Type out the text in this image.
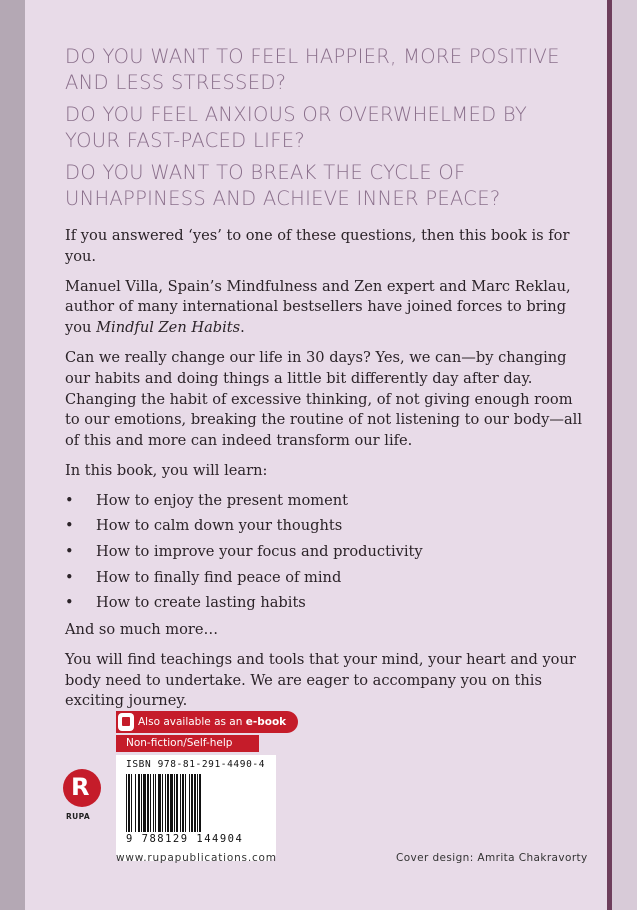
DO YOU WANT TO FEEL HAPPIER, MORE POSITIVE AND LESS STRESSED?

DO YOU FEEL ANXIOUS OR OVERWHELMED BY YOUR FAST-PACED LIFE?

DO YOU WANT TO BREAK THE CYCLE OF UNHAPPINESS AND ACHIEVE INNER PEACE?

If you answered ‘yes’ to one of these questions, then this book is for you.

Manuel Villa, Spain’s Mindfulness and Zen expert and Marc Reklau, author of many international bestsellers have joined forces to bring you Mindful Zen Habits.

Can we really change our life in 30 days? Yes, we can—by changing our habits and doing things a little bit differently day after day. Changing the habit of excessive thinking, of not giving enough room to our emotions, breaking the routine of not listening to our body—all of this and more can indeed transform our life.

In this book, you will learn:

• How to enjoy the present moment
• How to calm down your thoughts
• How to improve your focus and productivity
• How to finally find peace of mind
• How to create lasting habits

And so much more…

You will find teachings and tools that your mind, your heart and your body need to undertake. We are eager to accompany you on this exciting journey.

Also available as an e-book
Non-fiction/Self-help
ISBN 978-81-291-4490-4
9 788129 144904
R
RUPA
www.rupapublications.com	Cover design: Amrita Chakravorty
